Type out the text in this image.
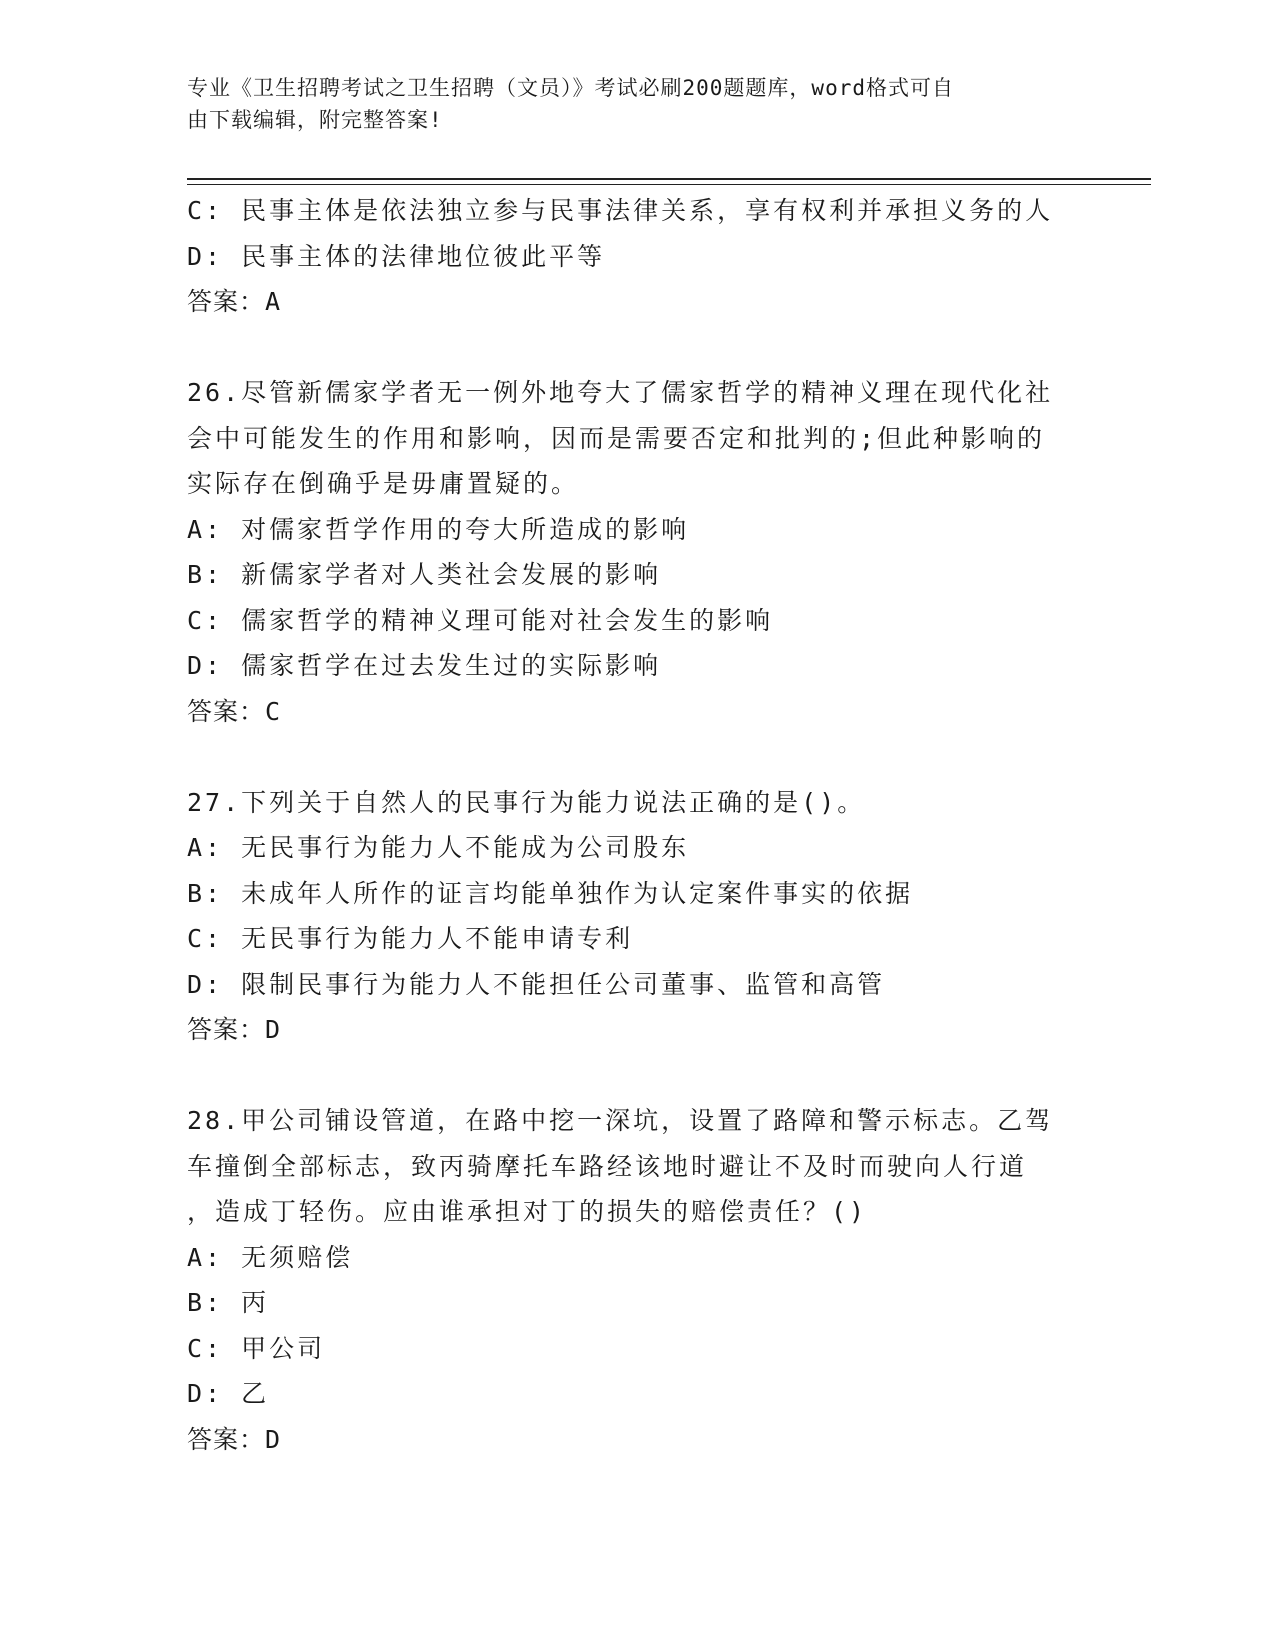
专业《卫生招聘考试之卫生招聘（文员）》考试必刷200题题库，word格式可自
由下载编辑，附完整答案!
C: 民事主体是依法独立参与民事法律关系，享有权利并承担义务的人
D: 民事主体的法律地位彼此平等
答案：A
26.尽管新儒家学者无一例外地夸大了儒家哲学的精神义理在现代化社
会中可能发生的作用和影响，因而是需要否定和批判的;但此种影响的
实际存在倒确乎是毋庸置疑的。
A: 对儒家哲学作用的夸大所造成的影响
B: 新儒家学者对人类社会发展的影响
C: 儒家哲学的精神义理可能对社会发生的影响
D: 儒家哲学在过去发生过的实际影响
答案：C
27.下列关于自然人的民事行为能力说法正确的是()。
A: 无民事行为能力人不能成为公司股东
B: 未成年人所作的证言均能单独作为认定案件事实的依据
C: 无民事行为能力人不能申请专利
D: 限制民事行为能力人不能担任公司董事、监管和高管
答案：D
28.甲公司铺设管道，在路中挖一深坑，设置了路障和警示标志。乙驾
车撞倒全部标志，致丙骑摩托车路经该地时避让不及时而驶向人行道
，造成丁轻伤。应由谁承担对丁的损失的赔偿责任？()
A: 无须赔偿
B: 丙
C: 甲公司
D: 乙
答案：D
